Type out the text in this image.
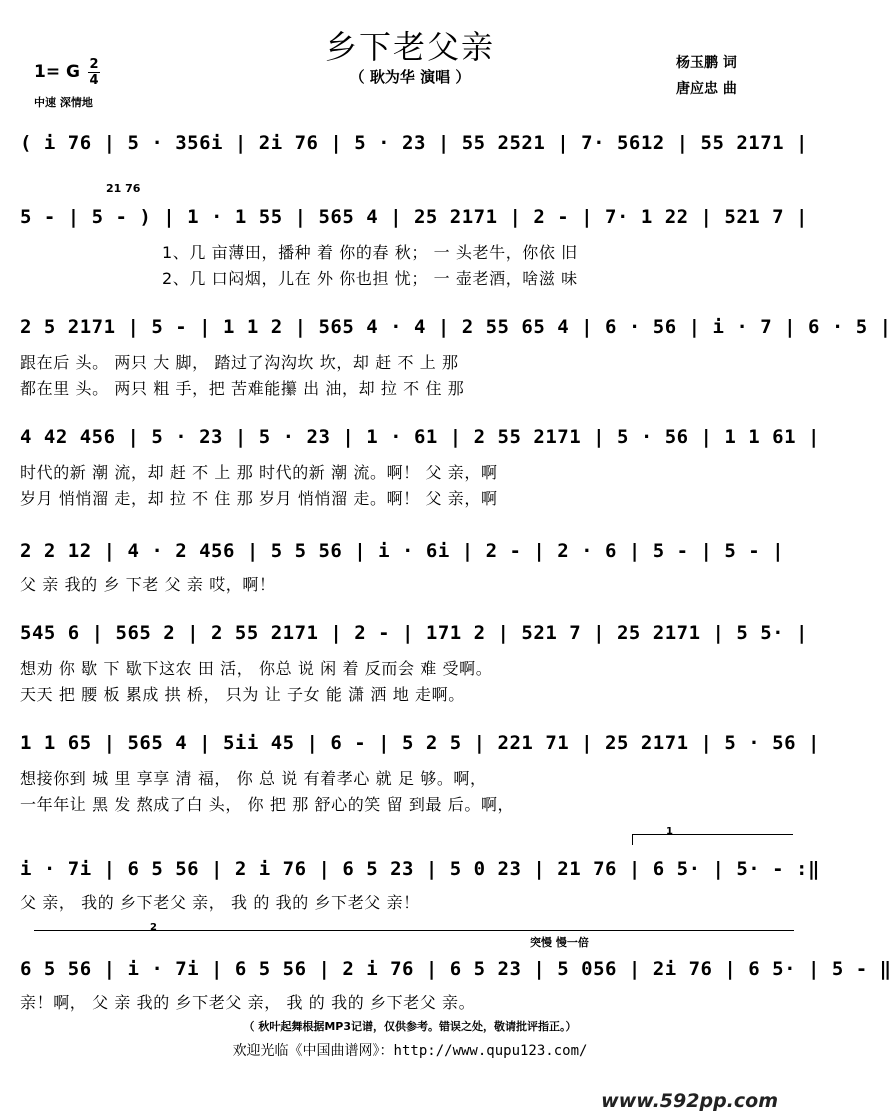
乡下老父亲
（ 耿为华 演唱 ）
1= G 2
4
中速 深情地
杨玉鹏 词
唐应忠 曲
( i 76 | 5 · 356i | 2i 76 | 5 · 23 | 55 2521 | 7· 5612 | 55 2171 |
21 76
5 - | 5 - ) | 1 · 1 55 | 565 4 | 25 2171 | 2 - | 7· 1 22 | 521 7 |
1、几 亩薄田，播种 着 你的春 秋； 一 头老牛，你依 旧
2、几 口闷烟，儿在 外 你也担 忧； 一 壶老酒，啥滋 味
2 5 2171 | 5 - | 1 1 2 | 565 4 · 4 | 2 55 65 4 | 6 · 56 | i · 7 | 6 · 5 |
跟在后 头。 两只 大 脚， 踏过了沟沟坎 坎，却 赶 不 上 那
都在里 头。 两只 粗 手，把 苦难能攥 出 油，却 拉 不 住 那
4 42 456 | 5 · 23 | 5 · 23 | 1 · 61 | 2 55 2171 | 5 · 56 | 1 1 61 |
时代的新 潮 流，却 赶 不 上 那 时代的新 潮 流。啊！ 父 亲，啊
岁月 悄悄溜 走，却 拉 不 住 那 岁月 悄悄溜 走。啊！ 父 亲，啊
2 2 12 | 4 · 2 456 | 5 5 56 | i · 6i | 2 - | 2 · 6 | 5 - | 5 - |
父 亲 我的 乡 下老 父 亲 哎，啊！
545 6 | 565 2 | 2 55 2171 | 2 - | 171 2 | 521 7 | 25 2171 | 5 5· |
想劝 你 歇 下 歇下这农 田 活， 你总 说 闲 着 反而会 难 受啊。
天天 把 腰 板 累成 拱 桥， 只为 让 子女 能 潇 洒 地 走啊。
1 1 65 | 565 4 | 5ii 45 | 6 - | 5 2 5 | 221 71 | 25 2171 | 5 · 56 |
想接你到 城 里 享享 清 福， 你 总 说 有着孝心 就 足 够。啊，
一年年让 黑 发 熬成了白 头， 你 把 那 舒心的笑 留 到最 后。啊，
1
i · 7i | 6 5 56 | 2 i 76 | 6 5 23 | 5 0 23 | 21 76 | 6 5· | 5· - :‖
父 亲， 我的 乡下老父 亲， 我 的 我的 乡下老父 亲！
2
突慢 慢一倍
6 5 56 | i · 7i | 6 5 56 | 2 i 76 | 6 5 23 | 5 056 | 2i 76 | 6 5· | 5 - ‖
亲！啊， 父 亲 我的 乡下老父 亲， 我 的 我的 乡下老父 亲。
（ 秋叶起舞根据MP3记谱，仅供参考。错误之处，敬请批评指正。）
欢迎光临《中国曲谱网》：http://www.qupu123.com/
www.592pp.com
